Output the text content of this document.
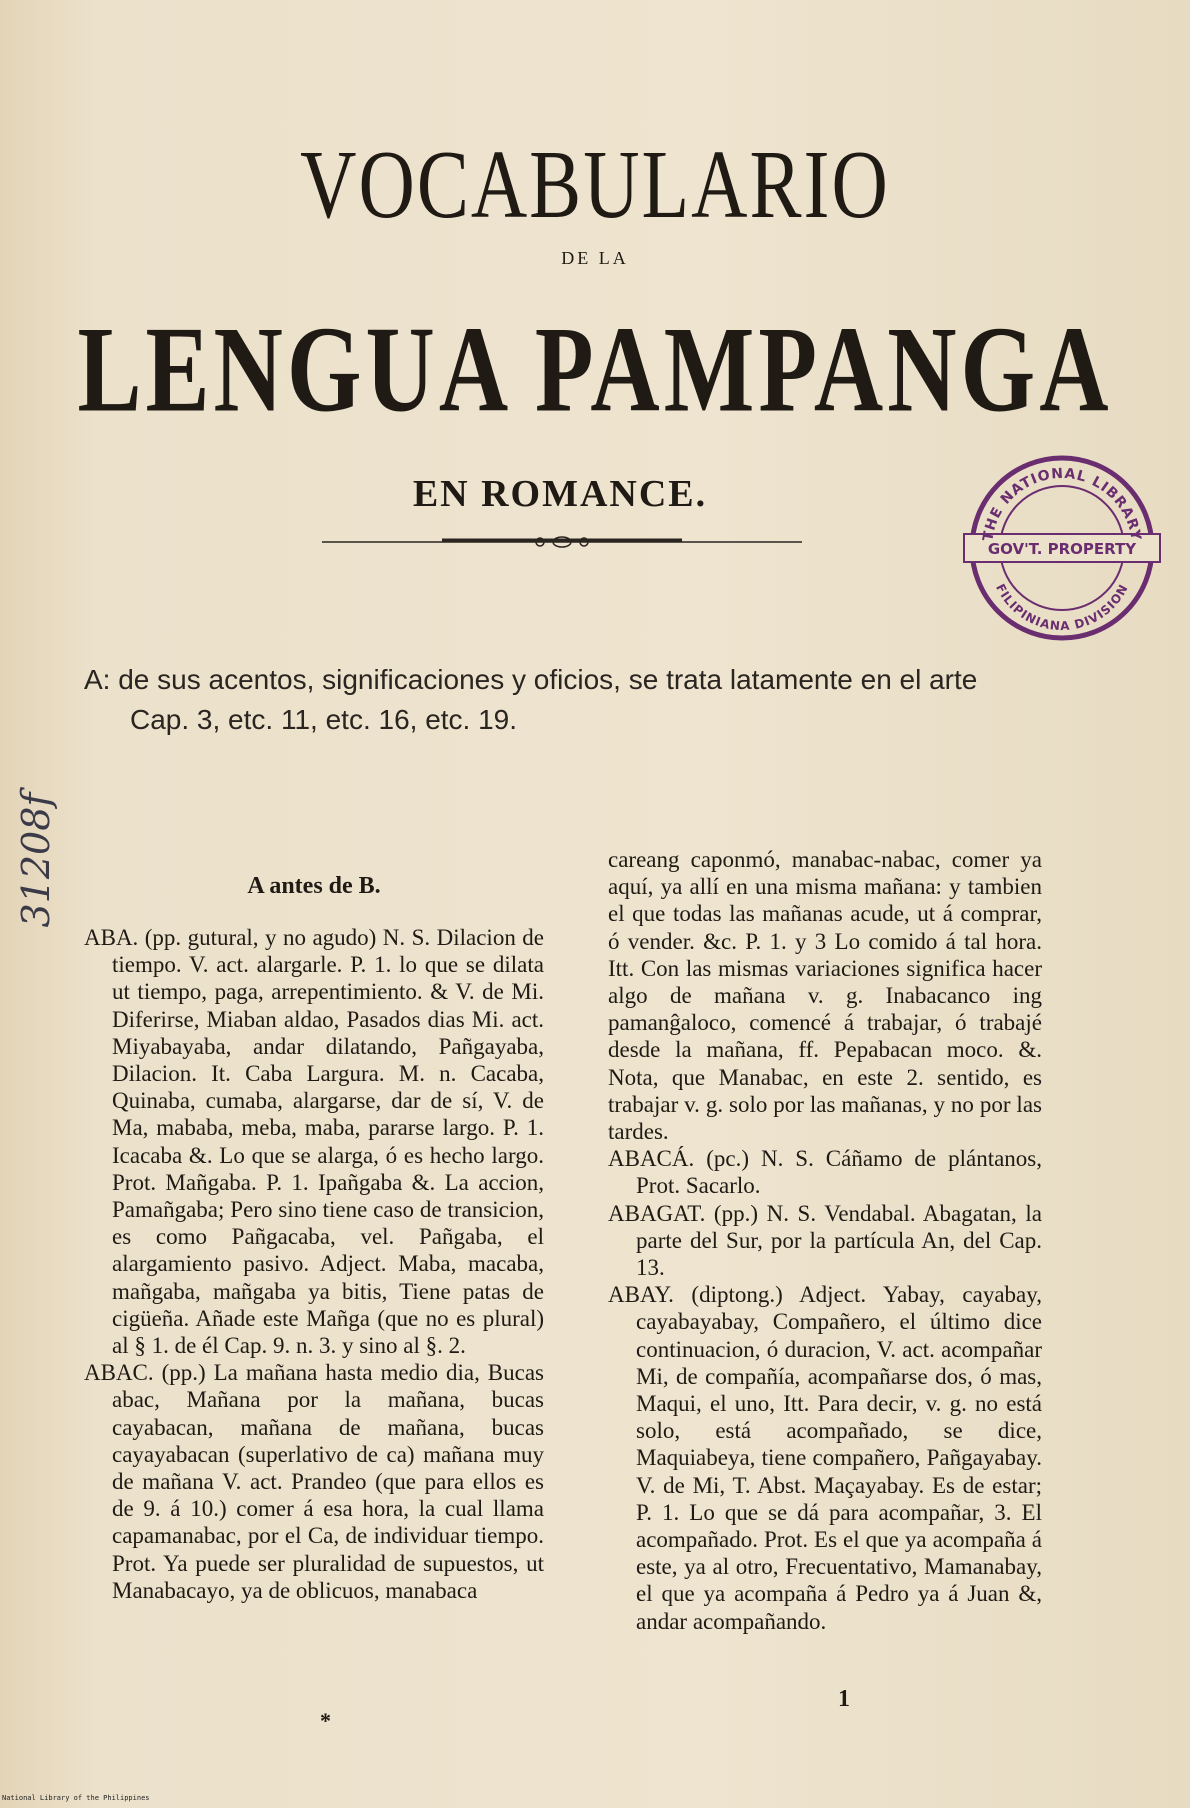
VOCABULARIO
DE LA
LENGUA PAMPANGA
EN ROMANCE.
THE NATIONAL LIBRARY
GOV'T. PROPERTY
FILIPINIANA DIVISION
A: de sus acentos, significaciones y oficios, se trata latamente en el arte
Cap. 3, etc. 11, etc. 16, etc. 19.
31208f	A antes de B.

ABA. (pp. gutural, y no agudo) N. S. Dilacion de tiempo. V. act. alargarle. P. 1. lo que se dilata ut tiempo, paga, arrepentimiento. & V. de Mi. Diferirse, Miaban aldao, Pasados dias Mi. act. Miyabayaba, andar dilatando, Pañgayaba, Dilacion. It. Caba Largura. M. n. Cacaba, Quinaba, cumaba, alargarse, dar de sí, V. de Ma, mababa, meba, maba, pararse largo. P. 1. Icacaba &. Lo que se alarga, ó es hecho largo. Prot. Mañgaba. P. 1. Ipañgaba &. La accion, Pamañgaba; Pero sino tiene caso de transicion, es como Pañgacaba, vel. Pañgaba, el alargamiento pasivo. Adject. Maba, macaba, mañgaba, mañgaba ya bitis, Tiene patas de cigüeña. Añade este Mañga (que no es plural) al § 1. de él Cap. 9. n. 3. y sino al §. 2.

ABAC. (pp.) La mañana hasta medio dia, Bucas abac, Mañana por la mañana, bucas cayabacan, mañana de mañana, bucas cayayabacan (superlativo de ca) mañana muy de mañana V. act. Prandeo (que para ellos es de 9. á 10.) comer á esa hora, la cual llama capamanabac, por el Ca, de individuar tiempo. Prot. Ya puede ser pluralidad de supuestos, ut Manabacayo, ya de oblicuos, manabaca

careang caponmó, manabac-nabac, comer ya aquí, ya allí en una misma mañana: y tambien el que todas las mañanas acude, ut á comprar, ó vender. &c. P. 1. y 3 Lo comido á tal hora. Itt. Con las mismas variaciones significa hacer algo de mañana v. g. Inabacanco ing pamanĝaloco, comencé á trabajar, ó trabajé desde la mañana, ff. Pepabacan moco. &. Nota, que Manabac, en este 2. sentido, es trabajar v. g. solo por las mañanas, y no por las tardes.

ABACÁ. (pc.) N. S. Cáñamo de plántanos, Prot. Sacarlo.

ABAGAT. (pp.) N. S. Vendabal. Abagatan, la parte del Sur, por la partícula An, del Cap. 13.

ABAY. (diptong.) Adject. Yabay, cayabay, cayabayabay, Compañero, el último dice continuacion, ó duracion, V. act. acompañar Mi, de compañía, acompañarse dos, ó mas, Maqui, el uno, Itt. Para decir, v. g. no está solo, está acompañado, se dice, Maquiabeya, tiene compañero, Pañgayabay. V. de Mi, T. Abst. Maçayabay. Es de estar; P. 1. Lo que se dá para acompañar, 3. El acompañado. Prot. Es el que ya acompaña á este, ya al otro, Frecuentativo, Mamanabay, el que ya acompaña á Pedro ya á Juan &, andar acompañando.

1
*
National Library of the Philippines
